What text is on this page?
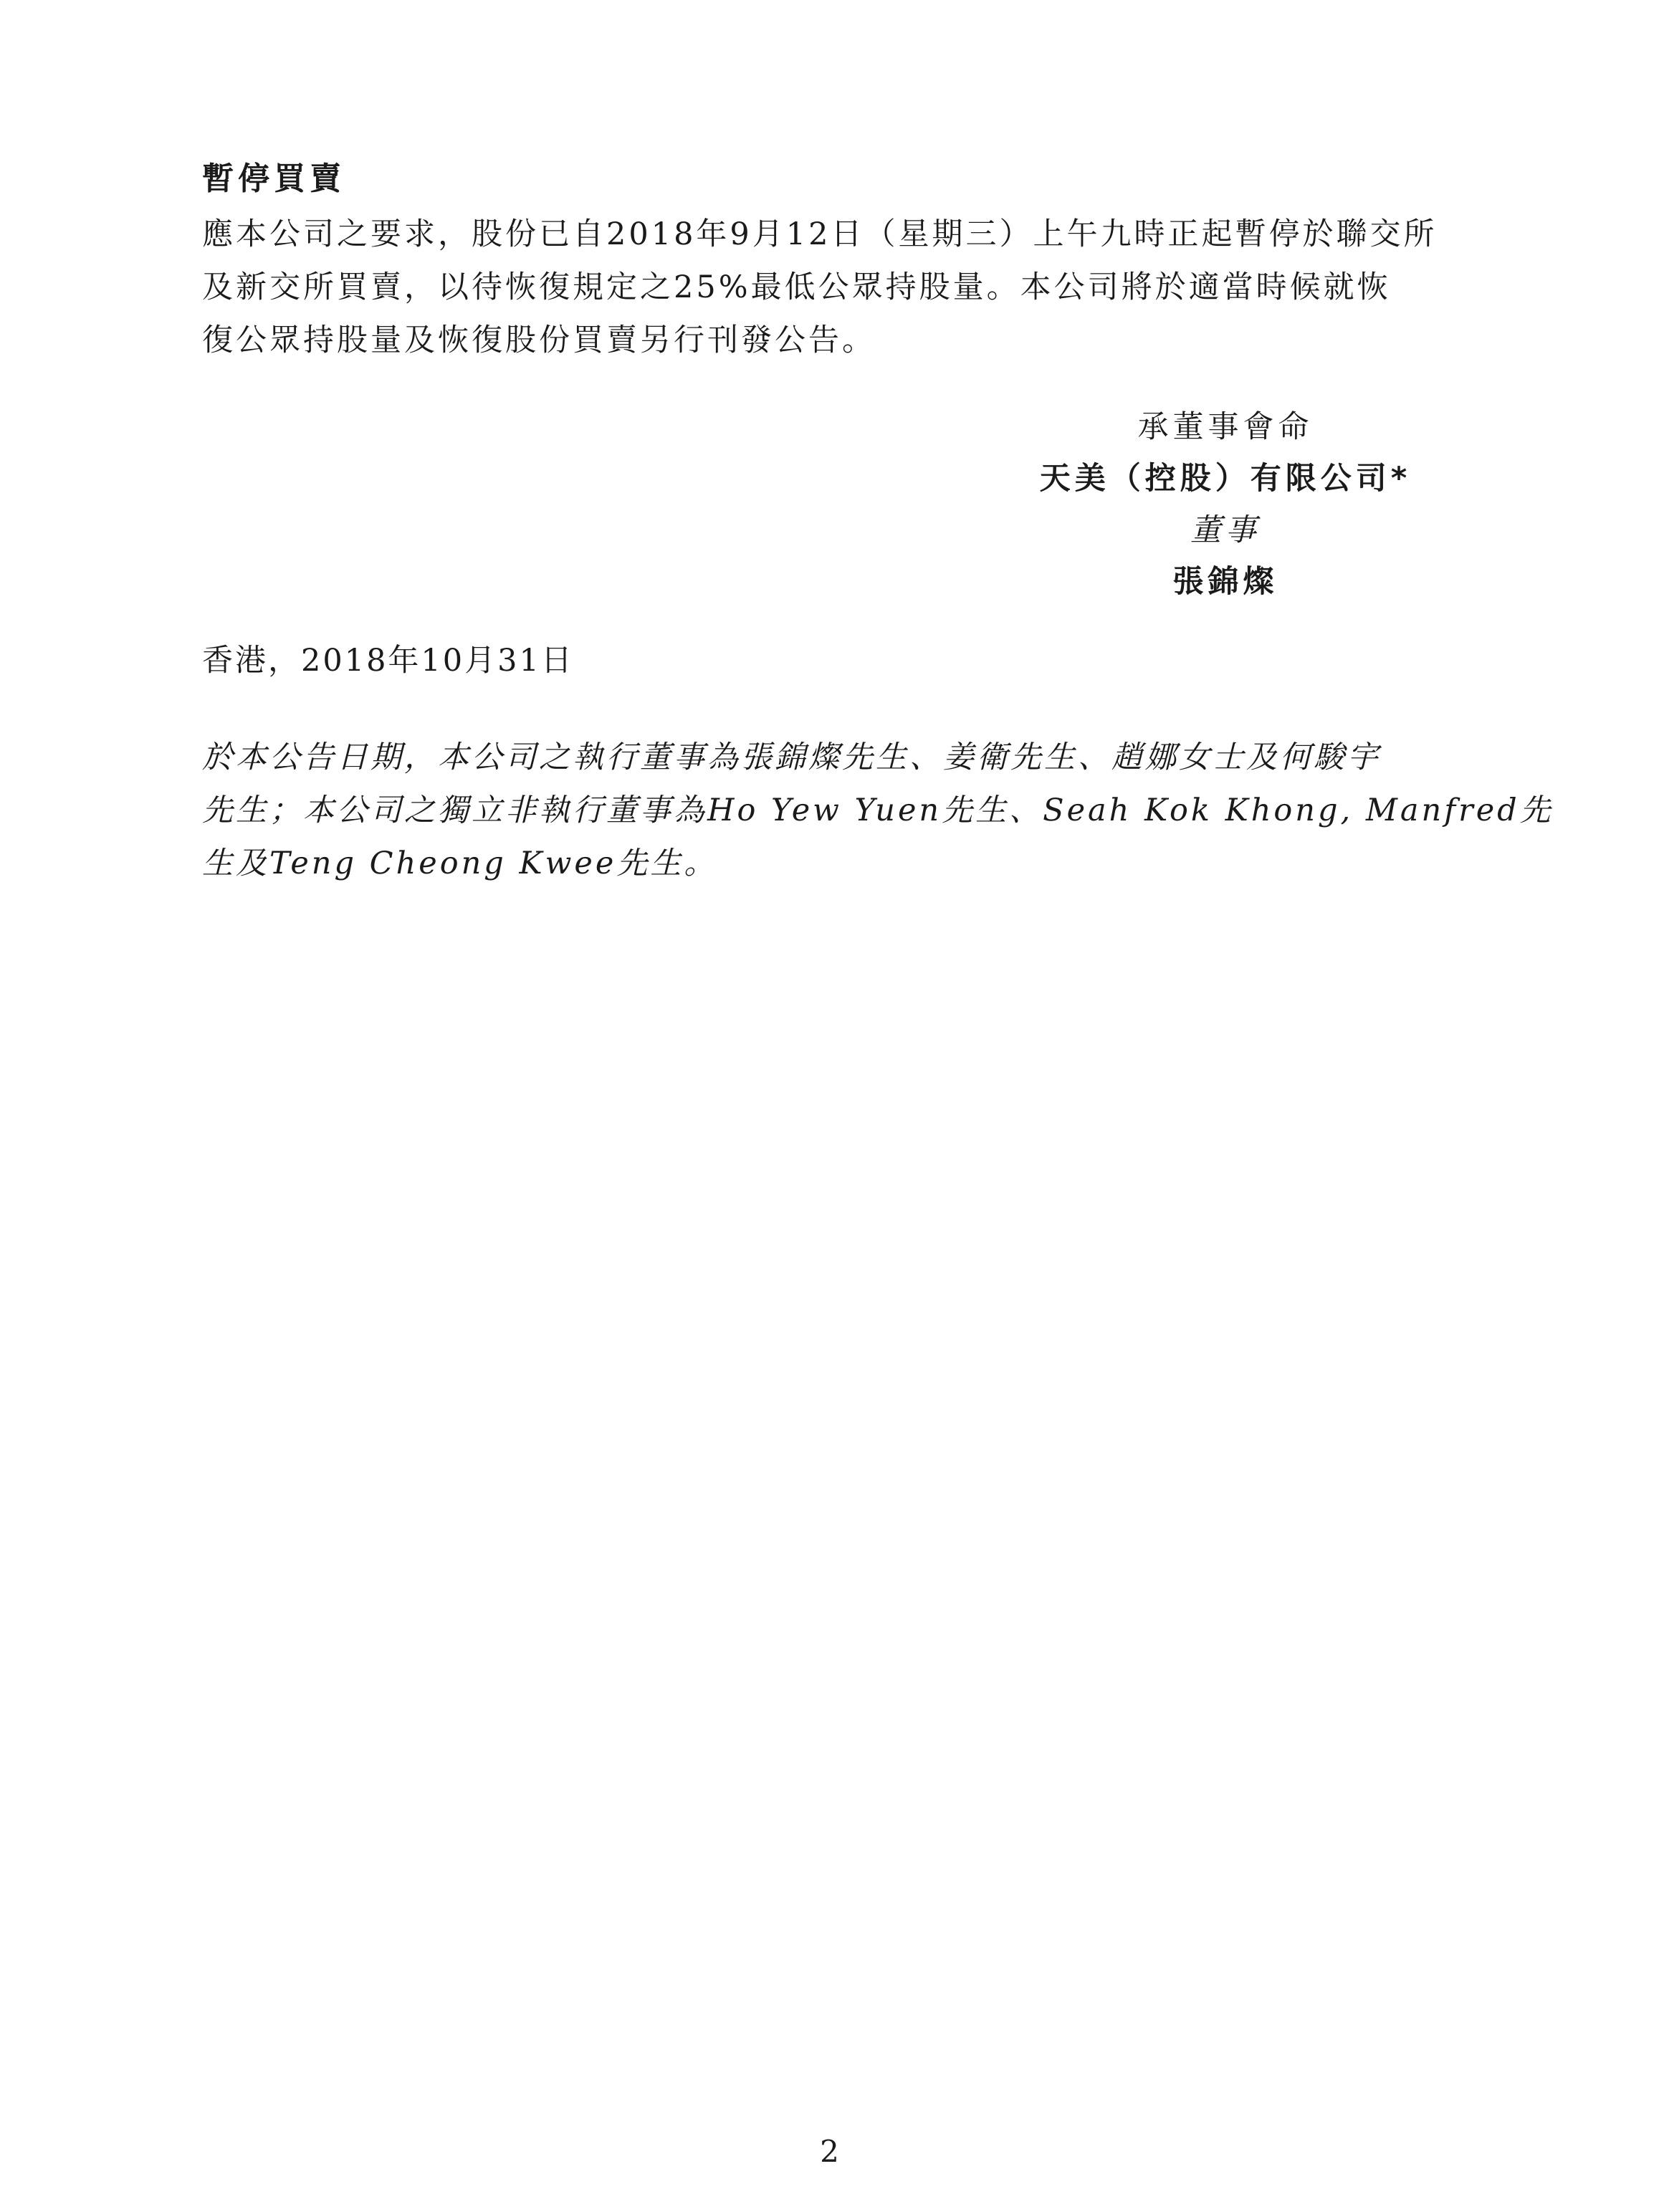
暫停買賣

應本公司之要求，股份已自2018年9月12日（星期三）上午九時正起暫停於聯交所
及新交所買賣，以待恢復規定之25%最低公眾持股量。本公司將於適當時候就恢
復公眾持股量及恢復股份買賣另行刊發公告。

承董事會命
天美（控股）有限公司*
董事
張錦燦

香港，2018年10月31日

於本公告日期，本公司之執行董事為張錦燦先生、姜衛先生、趙娜女士及何駿宇
先生；本公司之獨立非執行董事為Ho Yew Yuen先生、Seah Kok Khong, Manfred先
生及Teng Cheong Kwee先生。

2
